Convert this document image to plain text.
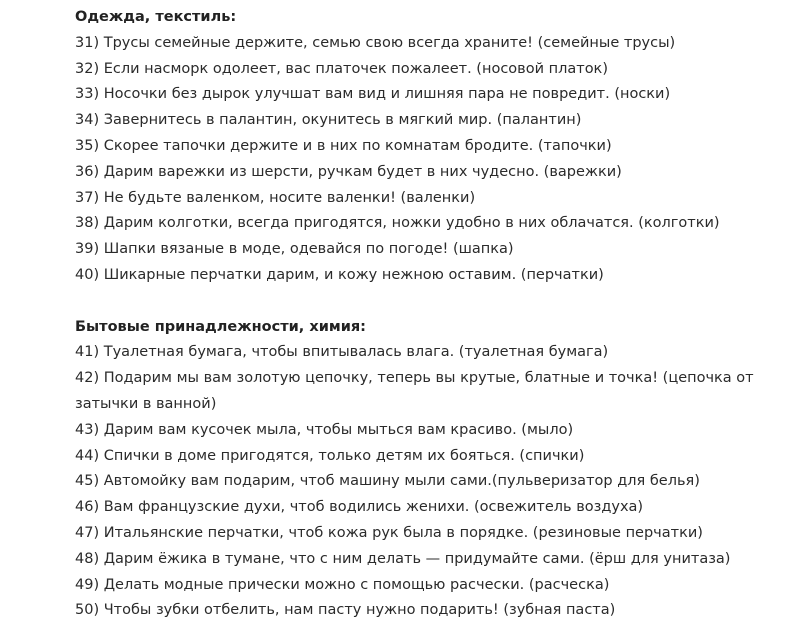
Одежда, текстиль:

31) Трусы семейные держите, семью свою всегда храните! (семейные трусы)

32) Если насморк одолеет, вас платочек пожалеет. (носовой платок)

33) Носочки без дырок улучшат вам вид и лишняя пара не повредит. (носки)

34) Завернитесь в палантин, окунитесь в мягкий мир. (палантин)

35) Скорее тапочки держите и в них по комнатам бродите. (тапочки)

36) Дарим варежки из шерсти, ручкам будет в них чудесно. (варежки)

37) Не будьте валенком, носите валенки! (валенки)

38) Дарим колготки, всегда пригодятся, ножки удобно в них облачатся. (колготки)

39) Шапки вязаные в моде, одевайся по погоде! (шапка)

40) Шикарные перчатки дарим, и кожу нежною оставим. (перчатки)

Бытовые принадлежности, химия:

41) Туалетная бумага, чтобы впитывалась влага. (туалетная бумага)

42) Подарим мы вам золотую цепочку, теперь вы крутые, блатные и точка! (цепочка от затычки в ванной)

43) Дарим вам кусочек мыла, чтобы мыться вам красиво. (мыло)

44) Спички в доме пригодятся, только детям их бояться. (спички)

45) Автомойку вам подарим, чтоб машину мыли сами.(пульверизатор для белья)

46) Вам французские духи, чтоб водились женихи. (освежитель воздуха)

47) Итальянские перчатки, чтоб кожа рук была в порядке. (резиновые перчатки)

48) Дарим ёжика в тумане, что с ним делать — придумайте сами. (ёрш для унитаза)

49) Делать модные прически можно с помощью расчески. (расческа)

50) Чтобы зубки отбелить, нам пасту нужно подарить! (зубная паста)
